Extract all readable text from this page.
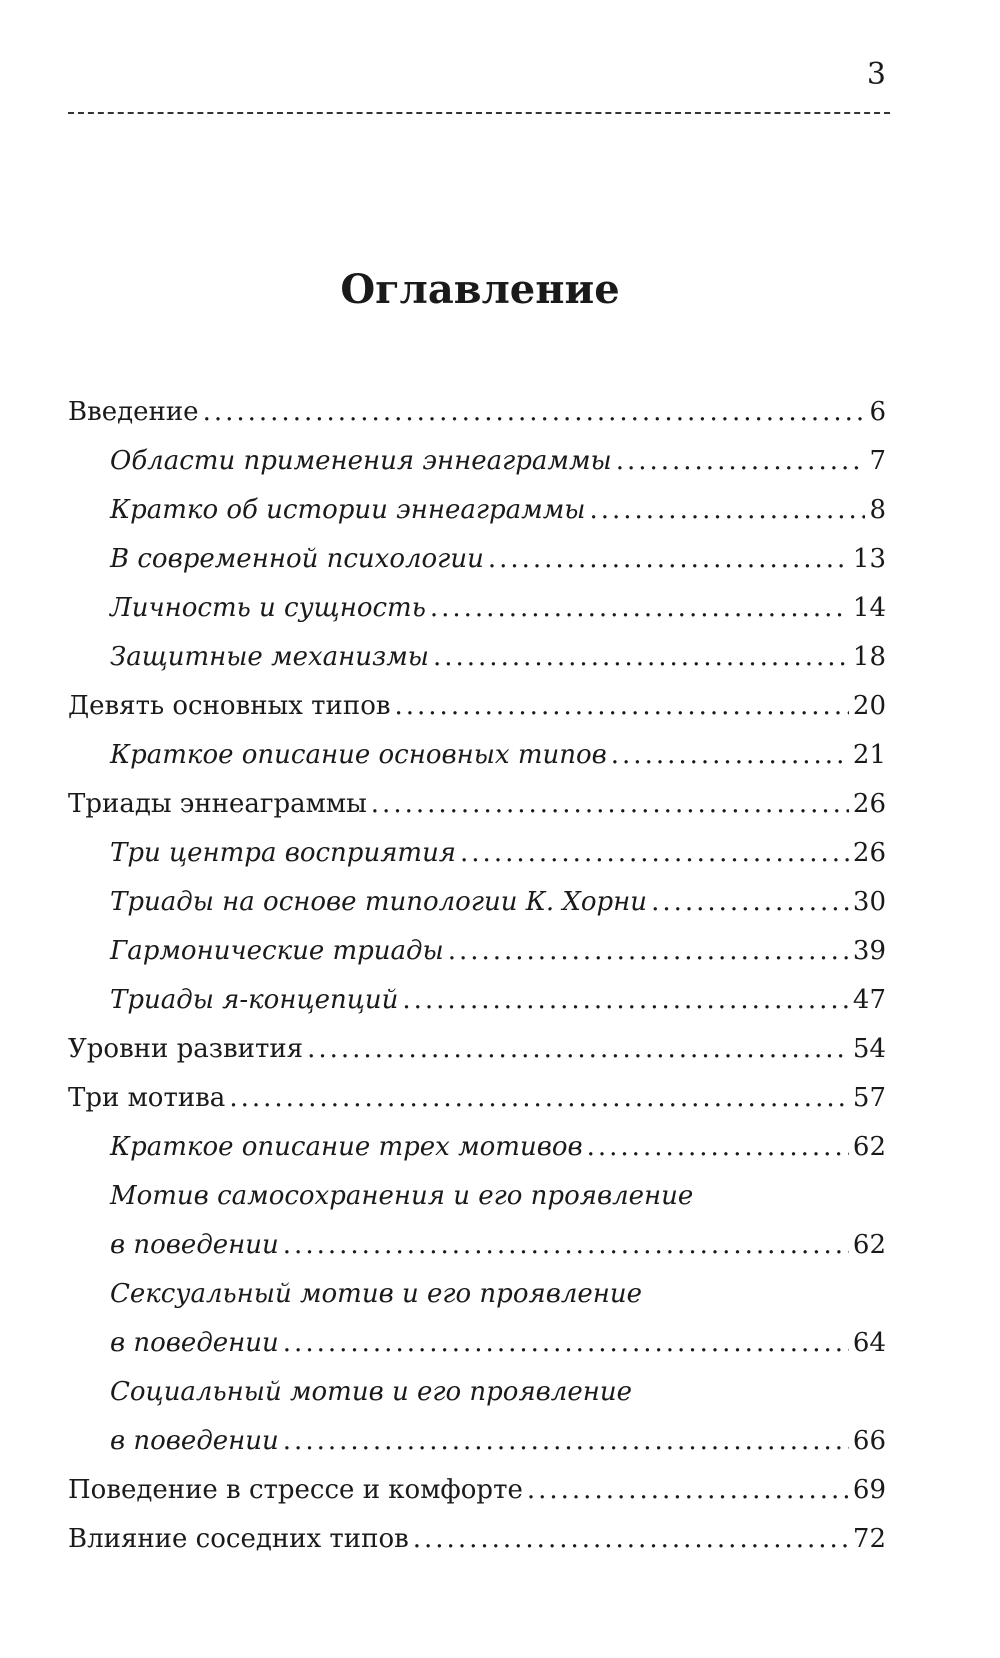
3
Оглавление
Введение .....	6
Области применения эннеаграммы .....	7
Кратко об истории эннеаграммы .....	8
В современной психологии .....	13
Личность и сущность .....	14
Защитные механизмы .....	18
Девять основных типов .....	20
Краткое описание основных типов .....	21
Триады эннеаграммы .....	26
Три центра восприятия .....	26
Триады на основе типологии К. Хорни .....	30
Гармонические триады .....	39
Триады я-концепций .....	47
Уровни развития .....	54
Три мотива .....	57
Краткое описание трех мотивов .....	62
Мотив самосохранения и его проявление
в поведении .....	62
Сексуальный мотив и его проявление
в поведении .....	64
Социальный мотив и его проявление
в поведении .....	66
Поведение в стрессе и комфорте .....	69
Влияние соседних типов .....	72
